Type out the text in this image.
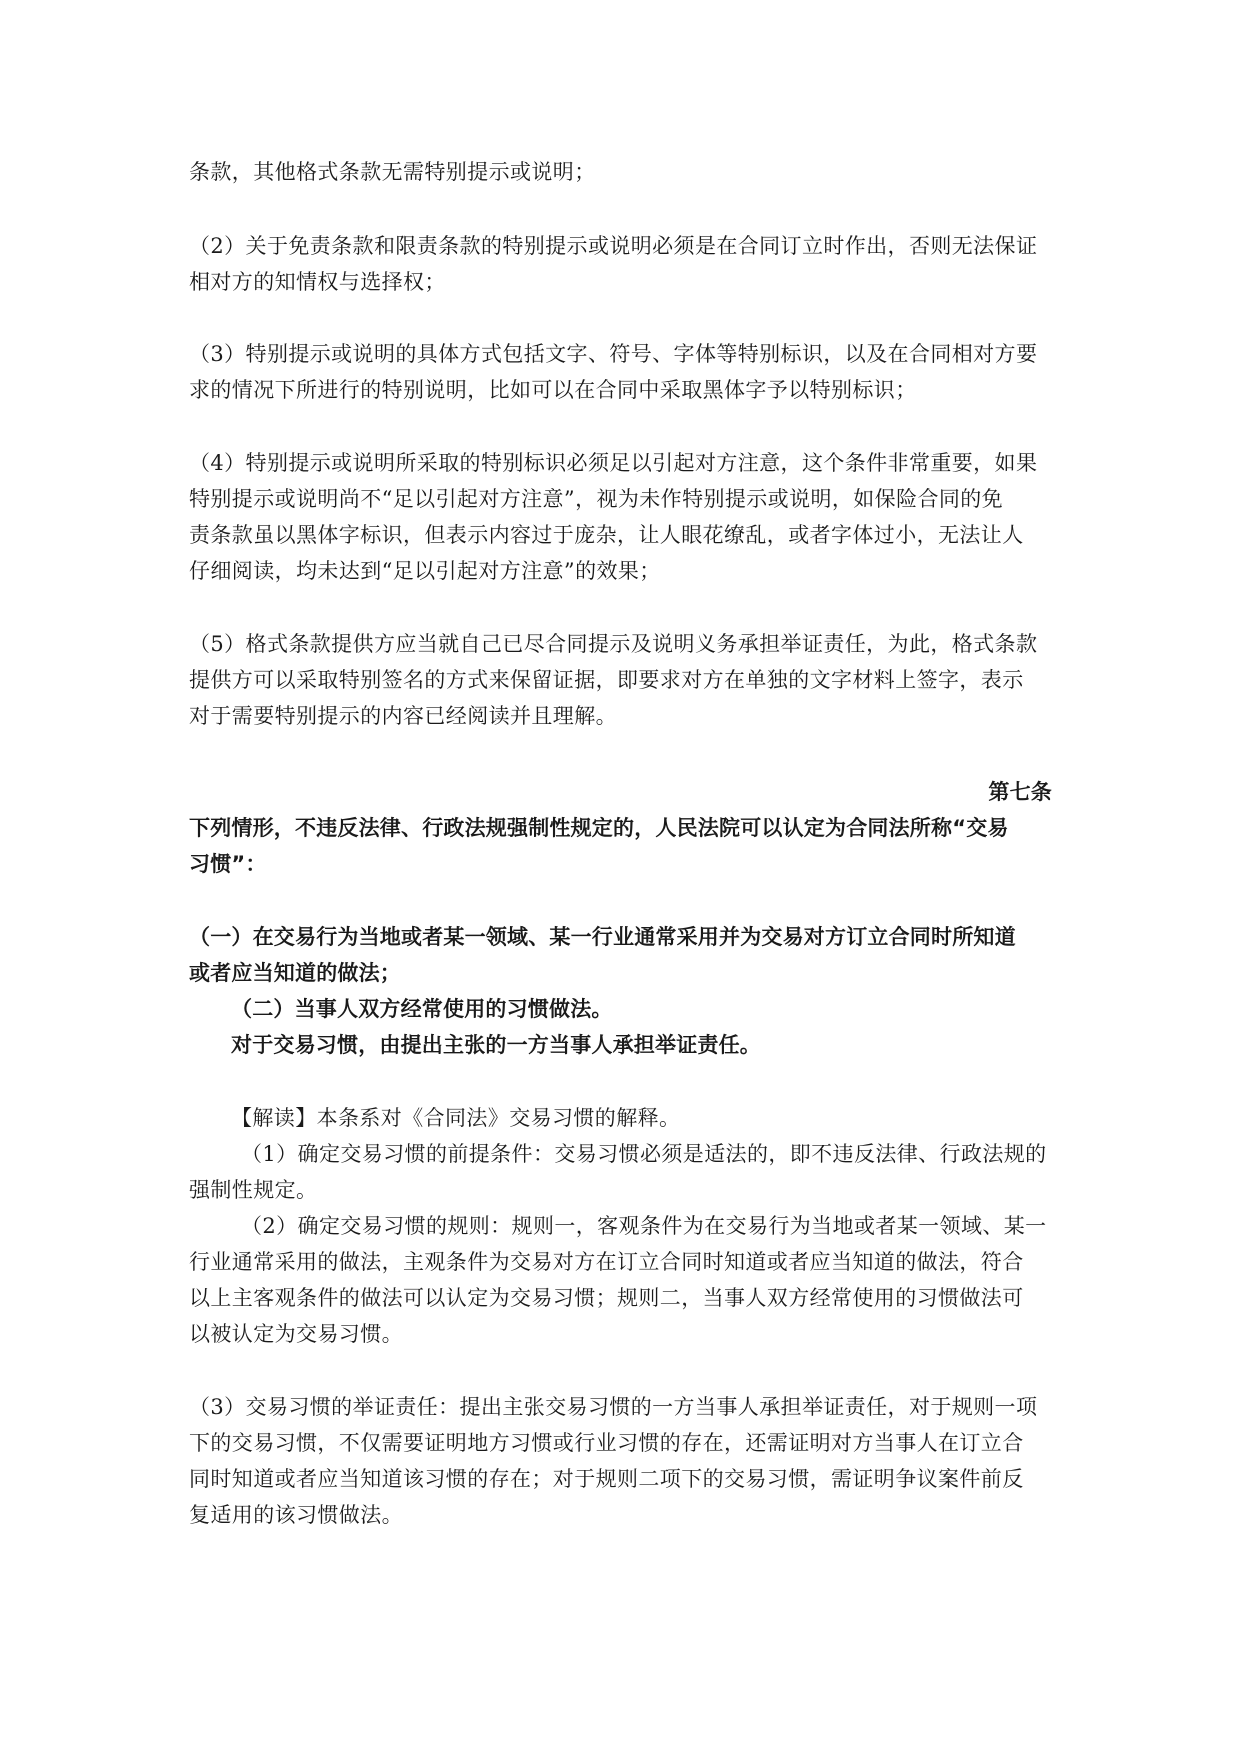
条款，其他格式条款无需特别提示或说明；
（2）关于免责条款和限责条款的特别提示或说明必须是在合同订立时作出，否则无法保证
相对方的知情权与选择权；
（3）特别提示或说明的具体方式包括文字、符号、字体等特别标识，以及在合同相对方要
求的情况下所进行的特别说明，比如可以在合同中采取黑体字予以特别标识；
（4）特别提示或说明所采取的特别标识必须足以引起对方注意，这个条件非常重要，如果
特别提示或说明尚不“足以引起对方注意”，视为未作特别提示或说明，如保险合同的免
责条款虽以黑体字标识，但表示内容过于庞杂，让人眼花缭乱，或者字体过小，无法让人
仔细阅读，均未达到“足以引起对方注意”的效果；
（5）格式条款提供方应当就自己已尽合同提示及说明义务承担举证责任，为此，格式条款
提供方可以采取特别签名的方式来保留证据，即要求对方在单独的文字材料上签字，表示
对于需要特别提示的内容已经阅读并且理解。
第七条
下列情形，不违反法律、行政法规强制性规定的，人民法院可以认定为合同法所称“交易
习惯”：
（一）在交易行为当地或者某一领域、某一行业通常采用并为交易对方订立合同时所知道
或者应当知道的做法；
（二）当事人双方经常使用的习惯做法。
对于交易习惯，由提出主张的一方当事人承担举证责任。
【解读】本条系对《合同法》交易习惯的解释。
（1）确定交易习惯的前提条件：交易习惯必须是适法的，即不违反法律、行政法规的
强制性规定。
（2）确定交易习惯的规则：规则一，客观条件为在交易行为当地或者某一领域、某一
行业通常采用的做法，主观条件为交易对方在订立合同时知道或者应当知道的做法，符合
以上主客观条件的做法可以认定为交易习惯；规则二，当事人双方经常使用的习惯做法可
以被认定为交易习惯。
（3）交易习惯的举证责任：提出主张交易习惯的一方当事人承担举证责任，对于规则一项
下的交易习惯，不仅需要证明地方习惯或行业习惯的存在，还需证明对方当事人在订立合
同时知道或者应当知道该习惯的存在；对于规则二项下的交易习惯，需证明争议案件前反
复适用的该习惯做法。
